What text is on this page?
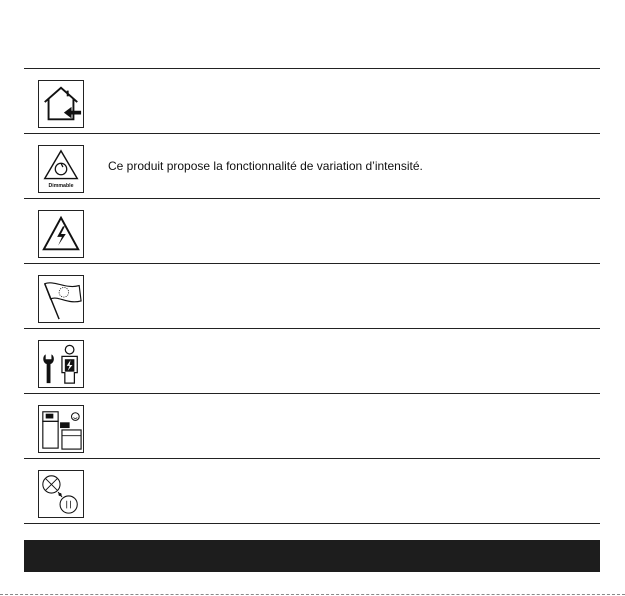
Dimmable
Ce produit propose la fonctionnalité de variation d’intensité.
